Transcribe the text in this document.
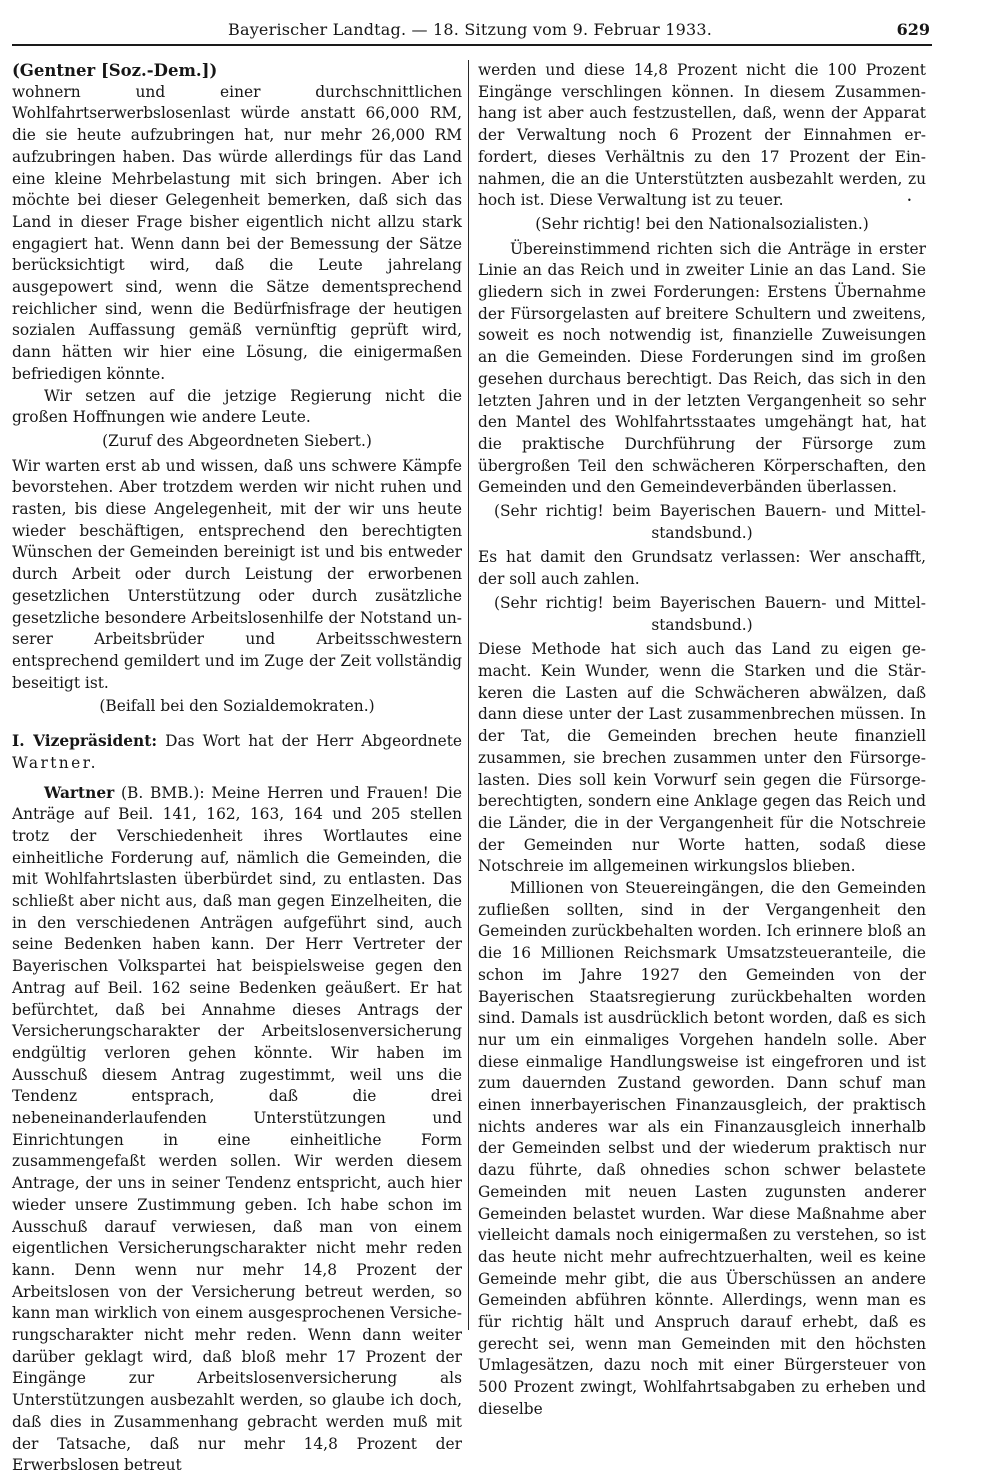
Bayerischer Landtag. — 18. Sitzung vom 9. Februar 1933.	629

(Gentner [Soz.-Dem.])

wohnern und einer durchschnittlichen Wohlfahrtserwerbslosenlast würde anstatt 66,000 RM, die sie heute aufzubringen hat, nur mehr 26,000 RM aufzubringen haben. Das würde allerdings für das Land eine kleine Mehrbelastung mit sich bringen. Aber ich möchte bei dieser Gelegenheit bemerken, daß sich das Land in dieser Frage bisher eigentlich nicht allzu stark engagiert hat. Wenn dann bei der Bemessung der Sätze berücksichtigt wird, daß die Leute jahrelang ausgepowert sind, wenn die Sätze dementsprechend reichlicher sind, wenn die Bedürfnisfrage der heutigen sozialen Auffassung gemäß vernünftig geprüft wird, dann hätten wir hier eine Lösung, die einigermaßen befriedigen könnte.

Wir setzen auf die jetzige Regierung nicht die großen Hoffnungen wie andere Leute.

(Zuruf des Abgeordneten Siebert.)

Wir warten erst ab und wissen, daß uns schwere Kämpfe bevorstehen. Aber trotzdem werden wir nicht ruhen und rasten, bis diese Angelegenheit, mit der wir uns heute wieder beschäftigen, entsprechend den berechtigten Wünschen der Gemeinden bereinigt ist und bis entweder durch Arbeit oder durch Leistung der erworbenen gesetzlichen Unterstützung oder durch zusätzliche gesetzliche besondere Arbeitslosenhilfe der Notstand unserer Arbeitsbrüder und Arbeitsschwestern entsprechend gemildert und im Zuge der Zeit vollständig beseitigt ist.

(Beifall bei den Sozialdemokraten.)

I. Vizepräsident: Das Wort hat der Herr Abgeordnete Wartner.

Wartner (B. BMB.): Meine Herren und Frauen! Die Anträge auf Beil. 141, 162, 163, 164 und 205 stellen trotz der Verschiedenheit ihres Wortlautes eine einheitliche Forderung auf, nämlich die Gemeinden, die mit Wohlfahrtslasten überbürdet sind, zu entlasten. Das schließt aber nicht aus, daß man gegen Einzelheiten, die in den verschiedenen Anträgen aufgeführt sind, auch seine Bedenken haben kann. Der Herr Vertreter der Bayerischen Volkspartei hat beispielsweise gegen den Antrag auf Beil. 162 seine Bedenken geäußert. Er hat befürchtet, daß bei Annahme dieses Antrags der Versicherungscharakter der Arbeitslosenversicherung endgültig verloren gehen könnte. Wir haben im Ausschuß diesem Antrag zugestimmt, weil uns die Tendenz entsprach, daß die drei nebeneinanderlaufenden Unterstützungen und Einrichtungen in eine einheitliche Form zusammengefaßt werden sollen. Wir werden diesem Antrage, der uns in seiner Tendenz entspricht, auch hier wieder unsere Zustimmung geben. Ich habe schon im Ausschuß darauf verwiesen, daß man von einem eigentlichen Versicherungscharakter nicht mehr reden kann. Denn wenn nur mehr 14,8 Prozent der Arbeitslosen von der Versicherung betreut werden, so kann man wirklich von einem ausgesprochenen Versicherungscharakter nicht mehr reden. Wenn dann weiter darüber geklagt wird, daß bloß mehr 17 Prozent der Eingänge zur Arbeitslosenversicherung als Unterstützungen ausbezahlt werden, so glaube ich doch, daß dies in Zusammenhang gebracht werden muß mit der Tatsache, daß nur mehr 14,8 Prozent der Erwerbslosen betreut

werden und diese 14,8 Prozent nicht die 100 Prozent Eingänge verschlingen können. In diesem Zusammenhang ist aber auch festzustellen, daß, wenn der Apparat der Verwaltung noch 6 Prozent der Einnahmen erfordert, dieses Verhältnis zu den 17 Prozent der Einnahmen, die an die Unterstützten ausbezahlt werden, zu hoch ist. Diese Verwaltung ist zu teuer.

(Sehr richtig! bei den Nationalsozialisten.)

Übereinstimmend richten sich die Anträge in erster Linie an das Reich und in zweiter Linie an das Land. Sie gliedern sich in zwei Forderungen: Erstens Übernahme der Fürsorgelasten auf breitere Schultern und zweitens, soweit es noch notwendig ist, finanzielle Zuweisungen an die Gemeinden. Diese Forderungen sind im großen gesehen durchaus berechtigt. Das Reich, das sich in den letzten Jahren und in der letzten Vergangenheit so sehr den Mantel des Wohlfahrtsstaates umgehängt hat, hat die praktische Durchführung der Fürsorge zum übergroßen Teil den schwächeren Körperschaften, den Gemeinden und den Gemeindeverbänden überlassen.

(Sehr richtig! beim Bayerischen Bauern- und Mittelstandsbund.)

Es hat damit den Grundsatz verlassen: Wer anschafft, der soll auch zahlen.

(Sehr richtig! beim Bayerischen Bauern- und Mittelstandsbund.)

Diese Methode hat sich auch das Land zu eigen gemacht. Kein Wunder, wenn die Starken und die Stärkeren die Lasten auf die Schwächeren abwälzen, daß dann diese unter der Last zusammenbrechen müssen. In der Tat, die Gemeinden brechen heute finanziell zusammen, sie brechen zusammen unter den Fürsorgelasten. Dies soll kein Vorwurf sein gegen die Fürsorgeberechtigten, sondern eine Anklage gegen das Reich und die Länder, die in der Vergangenheit für die Notschreie der Gemeinden nur Worte hatten, sodaß diese Notschreie im allgemeinen wirkungslos blieben.

Millionen von Steuereingängen, die den Gemeinden zufließen sollten, sind in der Vergangenheit den Gemeinden zurückbehalten worden. Ich erinnere bloß an die 16 Millionen Reichsmark Umsatzsteueranteile, die schon im Jahre 1927 den Gemeinden von der Bayerischen Staatsregierung zurückbehalten worden sind. Damals ist ausdrücklich betont worden, daß es sich nur um ein einmaliges Vorgehen handeln solle. Aber diese einmalige Handlungsweise ist eingefroren und ist zum dauernden Zustand geworden. Dann schuf man einen innerbayerischen Finanzausgleich, der praktisch nichts anderes war als ein Finanzausgleich innerhalb der Gemeinden selbst und der wiederum praktisch nur dazu führte, daß ohnedies schon schwer belastete Gemeinden mit neuen Lasten zugunsten anderer Gemeinden belastet wurden. War diese Maßnahme aber vielleicht damals noch einigermaßen zu verstehen, so ist das heute nicht mehr aufrechtzuerhalten, weil es keine Gemeinde mehr gibt, die aus Überschüssen an andere Gemeinden abführen könnte. Allerdings, wenn man es für richtig hält und Anspruch darauf erhebt, daß es gerecht sei, wenn man Gemeinden mit den höchsten Umlagesätzen, dazu noch mit einer Bürgersteuer von 500 Prozent zwingt, Wohlfahrtsabgaben zu erheben und dieselbe

•
